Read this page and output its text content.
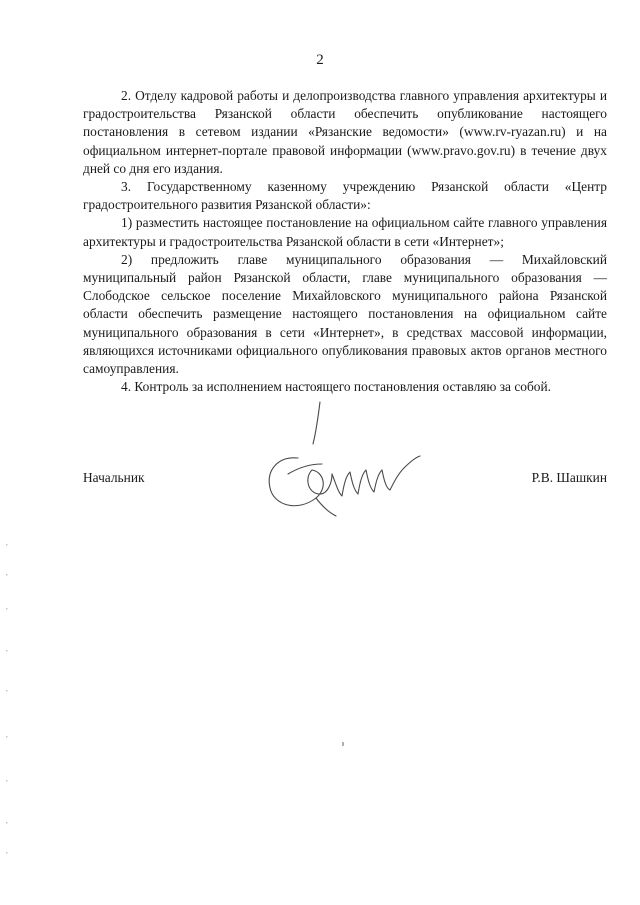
2

2. Отделу кадровой работы и делопроизводства главного управления архитектуры и градостроительства Рязанской области обеспечить опубликование настоящего постановления в сетевом издании «Рязанские ведомости» (www.rv-ryazan.ru) и на официальном интернет-портале правовой информации (www.pravo.gov.ru) в течение двух дней со дня его издания.

3. Государственному казенному учреждению Рязанской области «Центр градостроительного развития Рязанской области»:

1) разместить настоящее постановление на официальном сайте главного управления архитектуры и градостроительства Рязанской области в сети «Интернет»;

2) предложить главе муниципального образования — Михайловский муниципальный район Рязанской области, главе муниципального образования — Слободское сельское поселение Михайловского муниципального района Рязанской области обеспечить размещение настоящего постановления на официальном сайте муниципального образования в сети «Интернет», в средствах массовой информации, являющихся источниками официального опубликования правовых актов органов местного самоуправления.

4. Контроль за исполнением настоящего постановления оставляю за собой.

Начальник	Р.В. Шашкин
